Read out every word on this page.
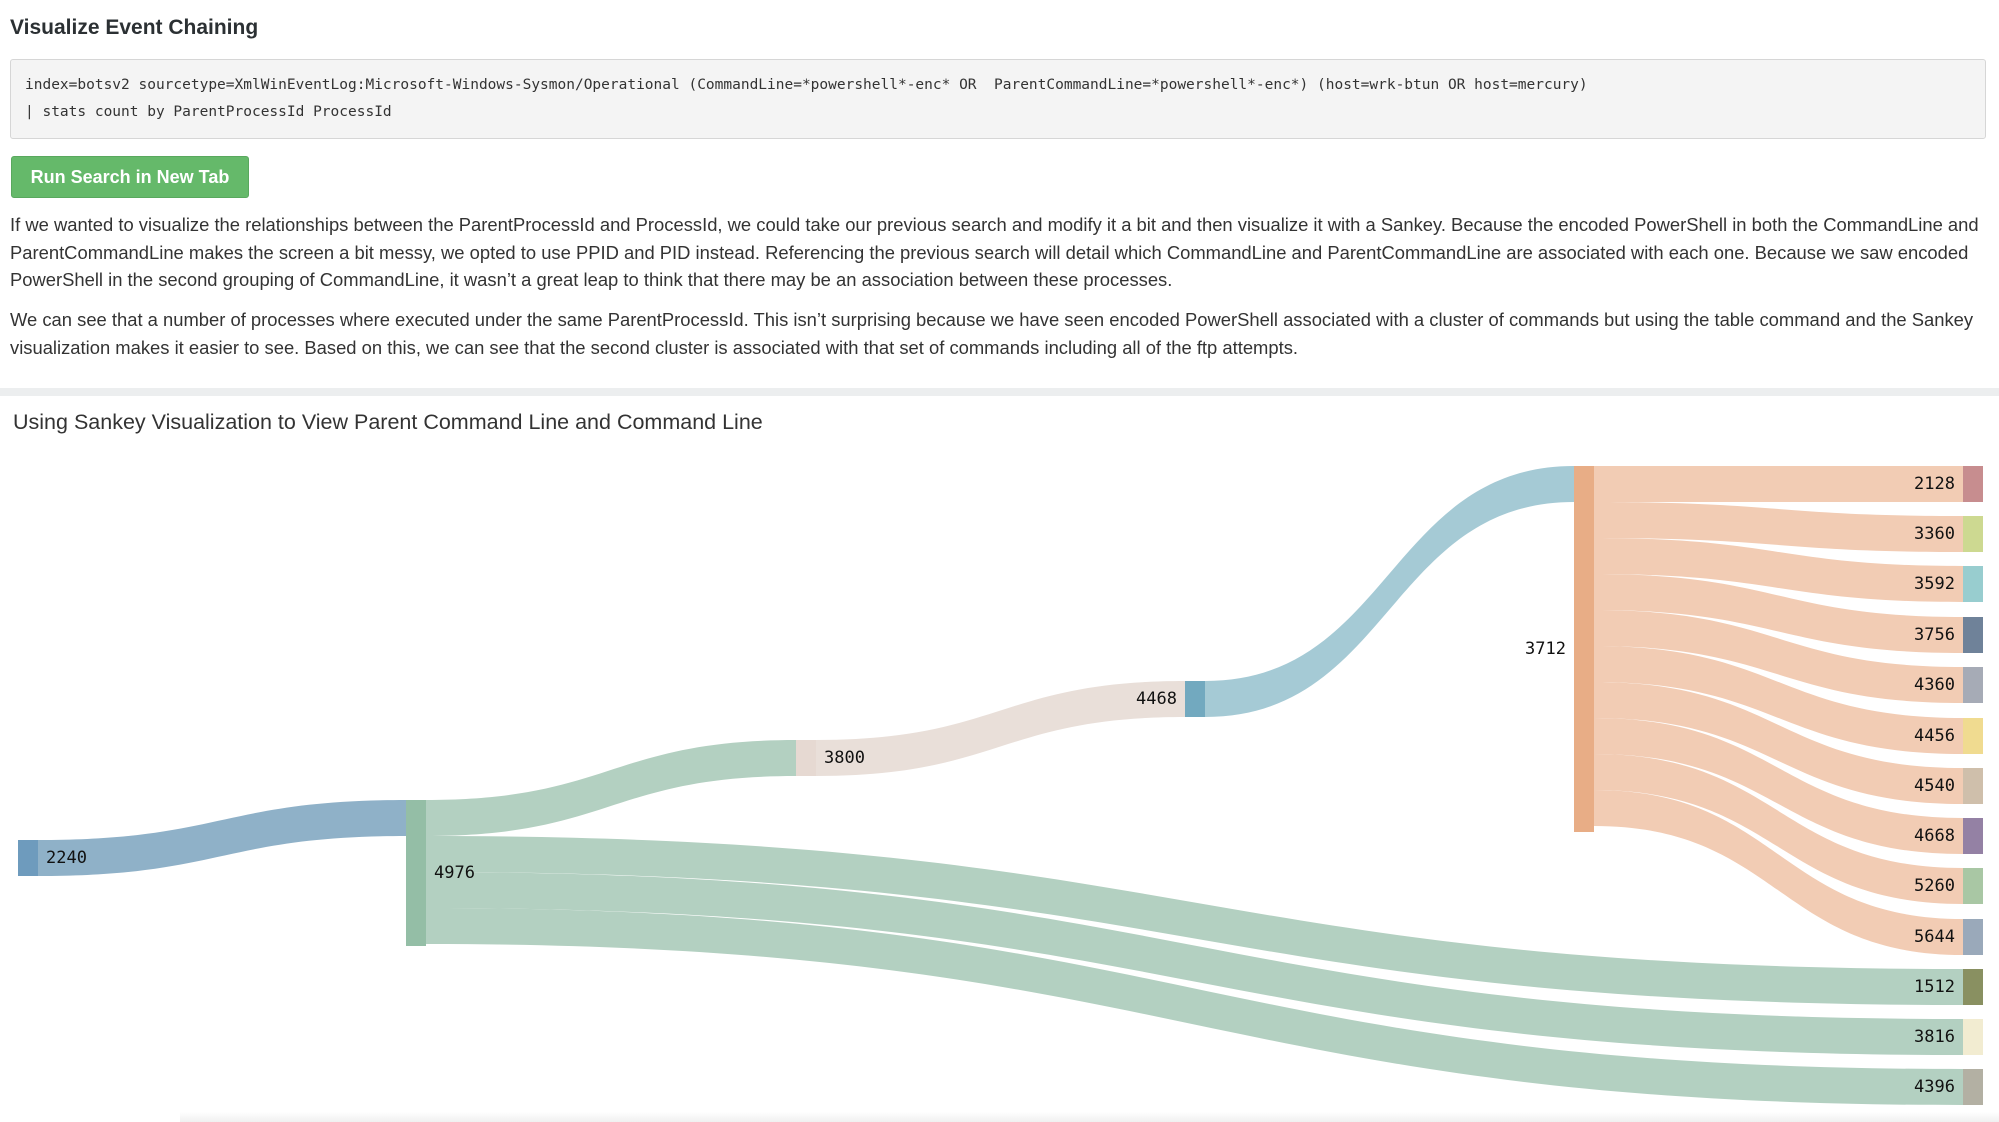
Visualize Event Chaining
index=botsv2 sourcetype=XmlWinEventLog:Microsoft-Windows-Sysmon/Operational (CommandLine=*powershell*-enc* OR  ParentCommandLine=*powershell*-enc*) (host=wrk-btun OR host=mercury)
| stats count by ParentProcessId ProcessId
Run Search in New Tab

If we wanted to visualize the relationships between the ParentProcessId and ProcessId, we could take our previous search and modify it a bit and then visualize it with a Sankey. Because the encoded PowerShell in both the CommandLine and ParentCommandLine makes the screen a bit messy, we opted to use PPID and PID instead. Referencing the previous search will detail which CommandLine and ParentCommandLine are associated with each one. Because we saw encoded PowerShell in the second grouping of CommandLine, it wasn’t a great leap to think that there may be an association between these processes.

We can see that a number of processes where executed under the same ParentProcessId. This isn’t surprising because we have seen encoded PowerShell associated with a cluster of commands but using the table command and the Sankey visualization makes it easier to see. Based on this, we can see that the second cluster is associated with that set of commands including all of the ftp attempts.

Using Sankey Visualization to View Parent Command Line and Command Line
2240
4976
3800
4468
3712
2128
3360
3592
3756
4360
4456
4540
4668
5260
5644
1512
3816
4396
